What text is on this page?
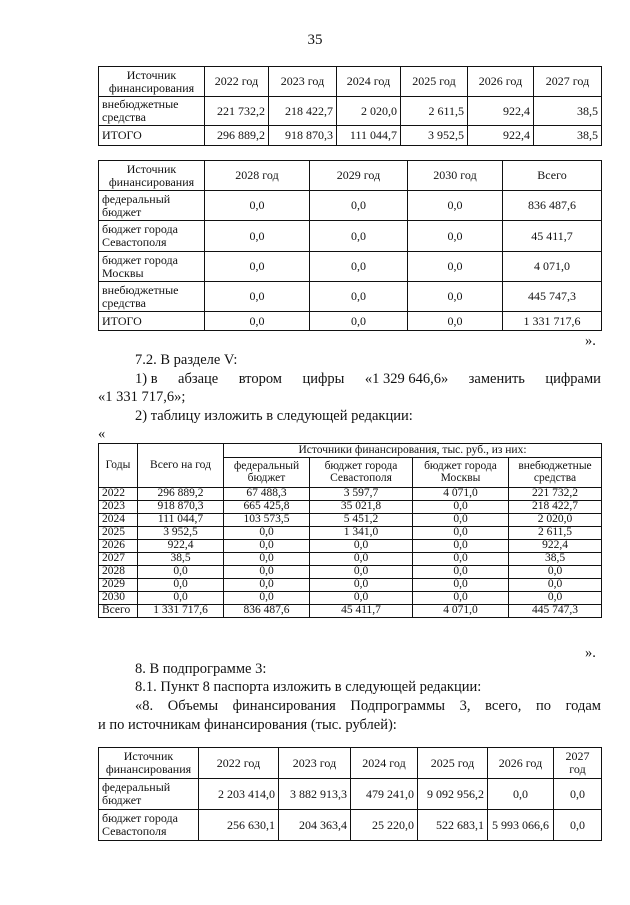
35
Источник финансирования	2022 год	2023 год	2024 год	2025 год	2026 год	2027 год
внебюджетные средства	221 732,2	218 422,7	2 020,0	2 611,5	922,4	38,5
ИТОГО	296 889,2	918 870,3	111 044,7	3 952,5	922,4	38,5
Источник финансирования	2028 год	2029 год	2030 год	Всего
федеральный бюджет	0,0	0,0	0,0	836 487,6
бюджет города Севастополя	0,0	0,0	0,0	45 411,7
бюджет города Москвы	0,0	0,0	0,0	4 071,0
внебюджетные средства	0,0	0,0	0,0	445 747,3
ИТОГО	0,0	0,0	0,0	1 331 717,6
».
7.2. В разделе V:
1) в абзаце втором цифры «1 329 646,6» заменить цифрами
«1 331 717,6»;
2) таблицу изложить в следующей редакции:
«
Годы	Всего на год	Источники финансирования, тыс. руб., из них:			
		федеральный бюджет	бюджет города Севастополя	бюджет города Москвы	внебюджетные средства
2022	296 889,2	67 488,3	3 597,7	4 071,0	221 732,2
2023	918 870,3	665 425,8	35 021,8	0,0	218 422,7
2024	111 044,7	103 573,5	5 451,2	0,0	2 020,0
2025	3 952,5	0,0	1 341,0	0,0	2 611,5
2026	922,4	0,0	0,0	0,0	922,4
2027	38,5	0,0	0,0	0,0	38,5
2028	0,0	0,0	0,0	0,0	0,0
2029	0,0	0,0	0,0	0,0	0,0
2030	0,0	0,0	0,0	0,0	0,0
Всего	1 331 717,6	836 487,6	45 411,7	4 071,0	445 747,3
».
8. В подпрограмме 3:
8.1. Пункт 8 паспорта изложить в следующей редакции:
«8. Объемы финансирования Подпрограммы 3, всего, по годам
и по источникам финансирования (тыс. рублей):
Источник финансирования	2022 год	2023 год	2024 год	2025 год	2026 год	2027 год
федеральный бюджет	2 203 414,0	3 882 913,3	479 241,0	9 092 956,2	0,0	0,0
бюджет города Севастополя	256 630,1	204 363,4	25 220,0	522 683,1	5 993 066,6	0,0
